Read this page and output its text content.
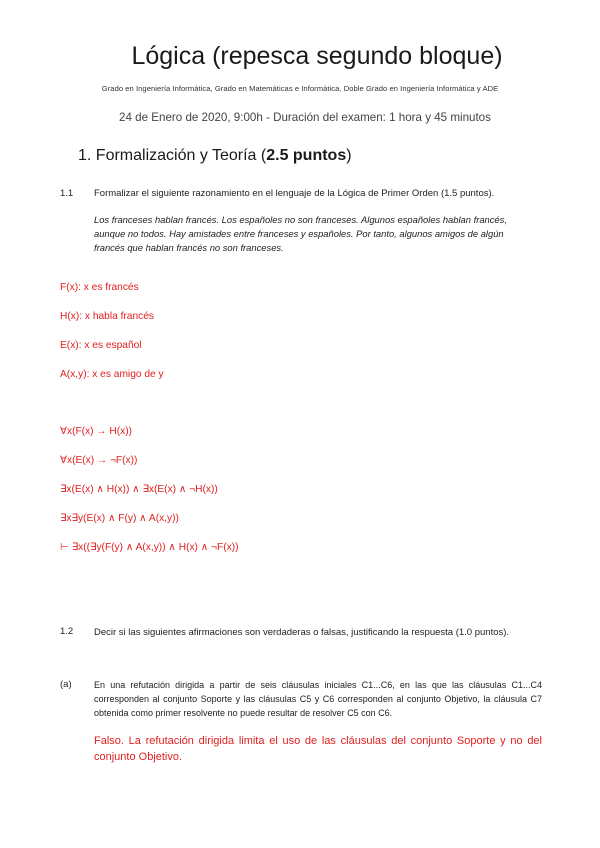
Lógica (repesca segundo bloque)
Grado en Ingeniería Informática, Grado en Matemáticas e Informática, Doble Grado en Ingeniería Informática y ADE
24 de Enero de 2020, 9:00h - Duración del examen: 1 hora y 45 minutos
1. Formalización y Teoría (2.5 puntos)
1.1 Formalizar el siguiente razonamiento en el lenguaje de la Lógica de Primer Orden (1.5 puntos).
Los franceses hablan francés. Los españoles no son franceses. Algunos españoles hablan francés,
aunque no todos. Hay amistades entre franceses y españoles. Por tanto, algunos amigos de algún
francés que hablan francés no son franceses.
F(x): x es francés
H(x): x habla francés
E(x): x es español
A(x,y): x es amigo de y
∀x(F(x) → H(x))
∀x(E(x) → ¬F(x))
∃x(E(x) ∧ H(x)) ∧ ∃x(E(x) ∧ ¬H(x))
∃x∃y(E(x) ∧ F(y) ∧ A(x,y))
⊢ ∃x((∃y(F(y) ∧ A(x,y)) ∧ H(x) ∧ ¬F(x))
1.2 Decir si las siguientes afirmaciones son verdaderas o falsas, justificando la respuesta (1.0 puntos).
(a) En una refutación dirigida a partir de seis cláusulas iniciales C1...C6, en las que las cláusulas C1...C4 corresponden al conjunto Soporte y las cláusulas C5 y C6 corresponden al conjunto Objetivo, la cláusula C7 obtenida como primer resolvente no puede resultar de resolver C5 con C6.
Falso. La refutación dirigida limita el uso de las cláusulas del conjunto Soporte y no del conjunto Objetivo.
